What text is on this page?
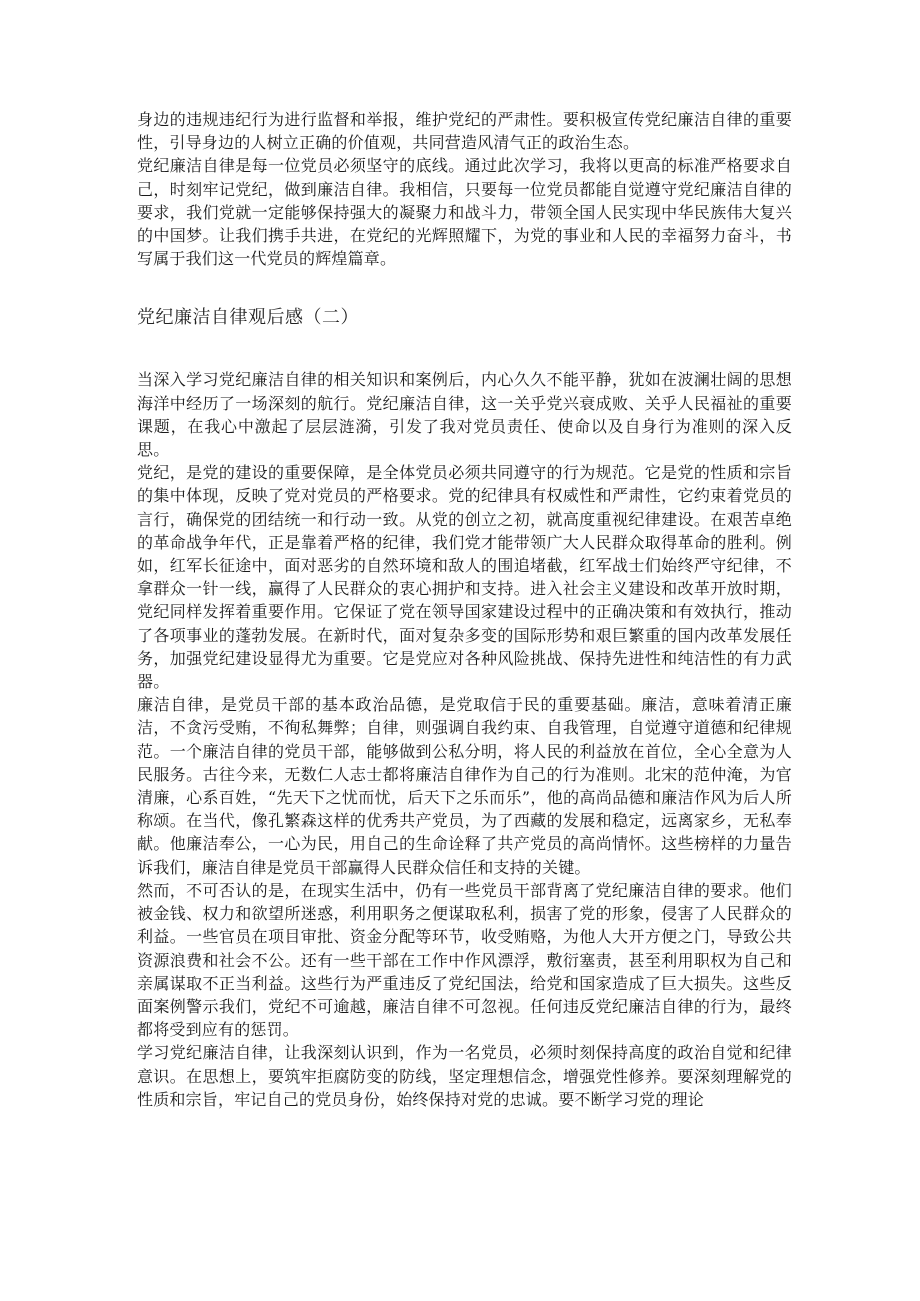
身边的违规违纪行为进行监督和举报，维护党纪的严肃性。要积极宣传党纪廉洁自律的重要性，引导身边的人树立正确的价值观，共同营造风清气正的政治生态。

党纪廉洁自律是每一位党员必须坚守的底线。通过此次学习，我将以更高的标准严格要求自己，时刻牢记党纪，做到廉洁自律。我相信，只要每一位党员都能自觉遵守党纪廉洁自律的要求，我们党就一定能够保持强大的凝聚力和战斗力，带领全国人民实现中华民族伟大复兴的中国梦。让我们携手共进，在党纪的光辉照耀下，为党的事业和人民的幸福努力奋斗，书写属于我们这一代党员的辉煌篇章。

党纪廉洁自律观后感（二）

当深入学习党纪廉洁自律的相关知识和案例后，内心久久不能平静，犹如在波澜壮阔的思想海洋中经历了一场深刻的航行。党纪廉洁自律，这一关乎党兴衰成败、关乎人民福祉的重要课题，在我心中激起了层层涟漪，引发了我对党员责任、使命以及自身行为准则的深入反思。

党纪，是党的建设的重要保障，是全体党员必须共同遵守的行为规范。它是党的性质和宗旨的集中体现，反映了党对党员的严格要求。党的纪律具有权威性和严肃性，它约束着党员的言行，确保党的团结统一和行动一致。从党的创立之初，就高度重视纪律建设。在艰苦卓绝的革命战争年代，正是靠着严格的纪律，我们党才能带领广大人民群众取得革命的胜利。例如，红军长征途中，面对恶劣的自然环境和敌人的围追堵截，红军战士们始终严守纪律，不拿群众一针一线，赢得了人民群众的衷心拥护和支持。进入社会主义建设和改革开放时期，党纪同样发挥着重要作用。它保证了党在领导国家建设过程中的正确决策和有效执行，推动了各项事业的蓬勃发展。在新时代，面对复杂多变的国际形势和艰巨繁重的国内改革发展任务，加强党纪建设显得尤为重要。它是党应对各种风险挑战、保持先进性和纯洁性的有力武器。

廉洁自律，是党员干部的基本政治品德，是党取信于民的重要基础。廉洁，意味着清正廉洁，不贪污受贿，不徇私舞弊；自律，则强调自我约束、自我管理，自觉遵守道德和纪律规范。一个廉洁自律的党员干部，能够做到公私分明，将人民的利益放在首位，全心全意为人民服务。古往今来，无数仁人志士都将廉洁自律作为自己的行为准则。北宋的范仲淹，为官清廉，心系百姓，“先天下之忧而忧，后天下之乐而乐”，他的高尚品德和廉洁作风为后人所称颂。在当代，像孔繁森这样的优秀共产党员，为了西藏的发展和稳定，远离家乡，无私奉献。他廉洁奉公，一心为民，用自己的生命诠释了共产党员的高尚情怀。这些榜样的力量告诉我们，廉洁自律是党员干部赢得人民群众信任和支持的关键。

然而，不可否认的是，在现实生活中，仍有一些党员干部背离了党纪廉洁自律的要求。他们被金钱、权力和欲望所迷惑，利用职务之便谋取私利，损害了党的形象，侵害了人民群众的利益。一些官员在项目审批、资金分配等环节，收受贿赂，为他人大开方便之门，导致公共资源浪费和社会不公。还有一些干部在工作中作风漂浮，敷衍塞责，甚至利用职权为自己和亲属谋取不正当利益。这些行为严重违反了党纪国法，给党和国家造成了巨大损失。这些反面案例警示我们，党纪不可逾越，廉洁自律不可忽视。任何违反党纪廉洁自律的行为，最终都将受到应有的惩罚。

学习党纪廉洁自律，让我深刻认识到，作为一名党员，必须时刻保持高度的政治自觉和纪律意识。在思想上，要筑牢拒腐防变的防线，坚定理想信念，增强党性修养。要深刻理解党的性质和宗旨，牢记自己的党员身份，始终保持对党的忠诚。要不断学习党的理论
